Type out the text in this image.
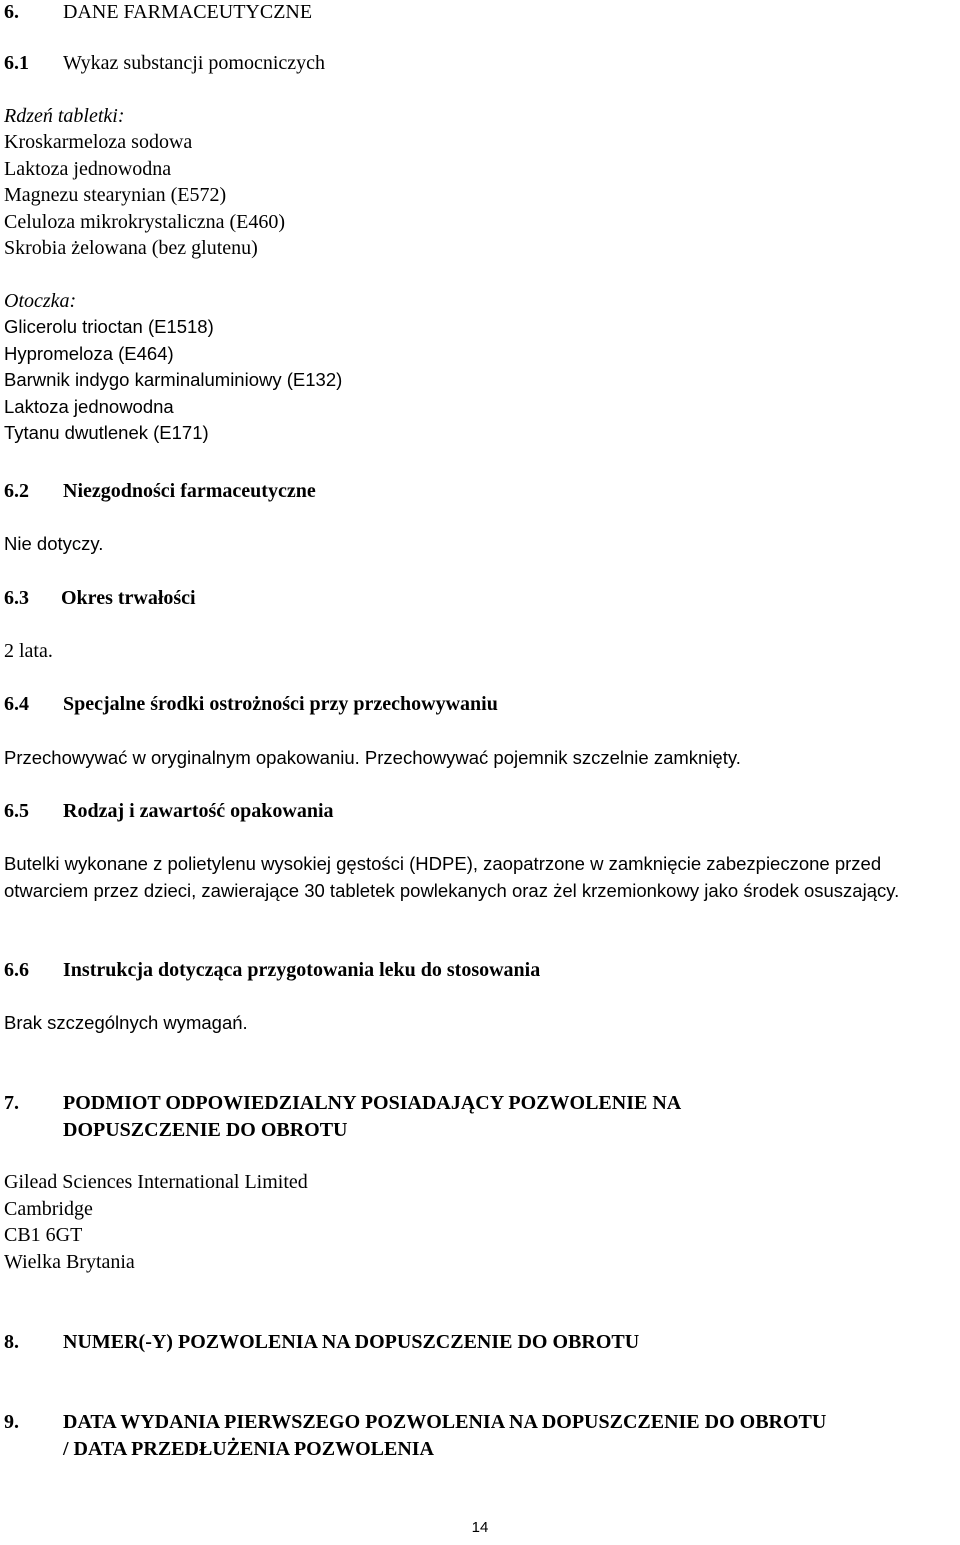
6. DANE FARMACEUTYCZNE
6.1 Wykaz substancji pomocniczych
Rdzeń tabletki:
Kroskarmeloza sodowa
Laktoza jednowodna
Magnezu stearynian (E572)
Celuloza mikrokrystaliczna (E460)
Skrobia żelowana (bez glutenu)
Otoczka:
Glicerolu trioctan (E1518)
Hypromeloza (E464)
Barwnik indygo karminaluminiowy (E132)
Laktoza jednowodna
Tytanu dwutlenek (E171)
6.2 Niezgodności farmaceutyczne
Nie dotyczy.
6.3 Okres trwałości
2 lata.
6.4 Specjalne środki ostrożności przy przechowywaniu
Przechowywać w oryginalnym opakowaniu. Przechowywać pojemnik szczelnie zamknięty.
6.5 Rodzaj i zawartość opakowania
Butelki wykonane z polietylenu wysokiej gęstości (HDPE), zaopatrzone w zamknięcie zabezpieczone przed otwarciem przez dzieci, zawierające 30 tabletek powlekanych oraz żel krzemionkowy jako środek osuszający.
6.6 Instrukcja dotycząca przygotowania leku do stosowania
Brak szczególnych wymagań.
7. PODMIOT ODPOWIEDZIALNY POSIADAJĄCY POZWOLENIE NA
DOPUSZCZENIE DO OBROTU
Gilead Sciences International Limited
Cambridge
CB1 6GT
Wielka Brytania
8. NUMER(-Y) POZWOLENIA NA DOPUSZCZENIE DO OBROTU
9. DATA WYDANIA PIERWSZEGO POZWOLENIA NA DOPUSZCZENIE DO OBROTU
/ DATA PRZEDŁUŻENIA POZWOLENIA
14
